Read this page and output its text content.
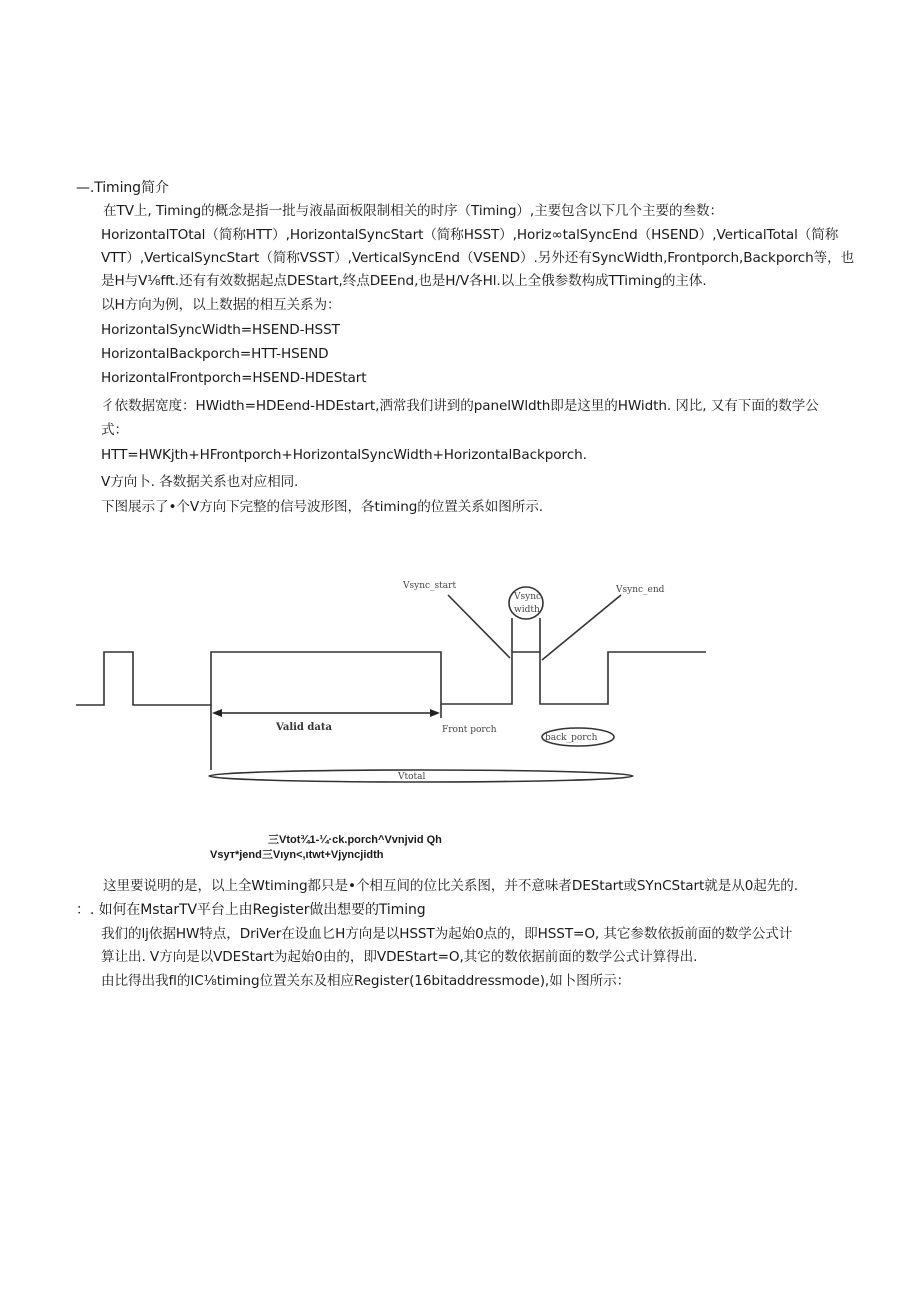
—.Timing简介
在TV上, Timing的概念是指一批与液晶面板限制相关的时序（Timing）,主要包含以下几个主要的叁数：
HorizontalTOtal（简称HTT）,HorizontalSyncStart（简称HSST）,Horiz∞talSyncEnd（HSEND）,VerticalTotal（简称
VTT）,VerticalSyncStart（简称VSST）,VerticalSyncEnd（VSEND）.另外还有SyncWidth,Frontporch,Backporch等，也
是H与V⅛fft.还有有效数据起点DEStart,终点DEEnd,也是H/V各Hl.以上全俄参数构成TTiming的主体.
以H方向为例，以上数据的相互关系为：
HorizontalSyncWidth=HSEND-HSST
HorizontalBackporch=HTT-HSEND
HorizontalFrontporch=HSEND-HDEStart
彳依数据宽度：HWidth=HDEend-HDEstart,洒常我们讲到的panelWldth即是这里的HWidth. 冈比, 又有下面的数学公
式：
HTT=HWKjth+HFrontporch+HorizontalSyncWidth+HorizontalBackporch.
V方向卜. 各数据关系也对应相同.
下图展示了•个V方向下完整的信号波形图，各timing的位置关系如图所示.
Vsync_start
Vsync
width
Vsync_end
Front porch
back_porch
Vtotal
Valid data
三Vtot¾1-¼·ck.porch^Vvnjvid Qh
Vsyт*jend三Vιyn<,ιtwt+Vjyncjidth
这里要说明的是，以上全Wtiming都只是•个相互间的位比关系图，并不意味者DEStart或SYnCStart就是从0起先的.
：. 如何在MstarTV平台上由Register做出想要的Timing
我们的lj依据HW特点，DriVer在设血匕H方向是以HSST为起始0点的，即HSST=O, 其它参数依扳前面的数学公式计
算让出. V方向是以VDEStart为起始0由的，即VDEStart=O,其它的数依据前面的数学公式计算得出.
由比得出我fl的IC⅛timing位置关东及相应Register(16bitaddressmode),如卜图所示：
